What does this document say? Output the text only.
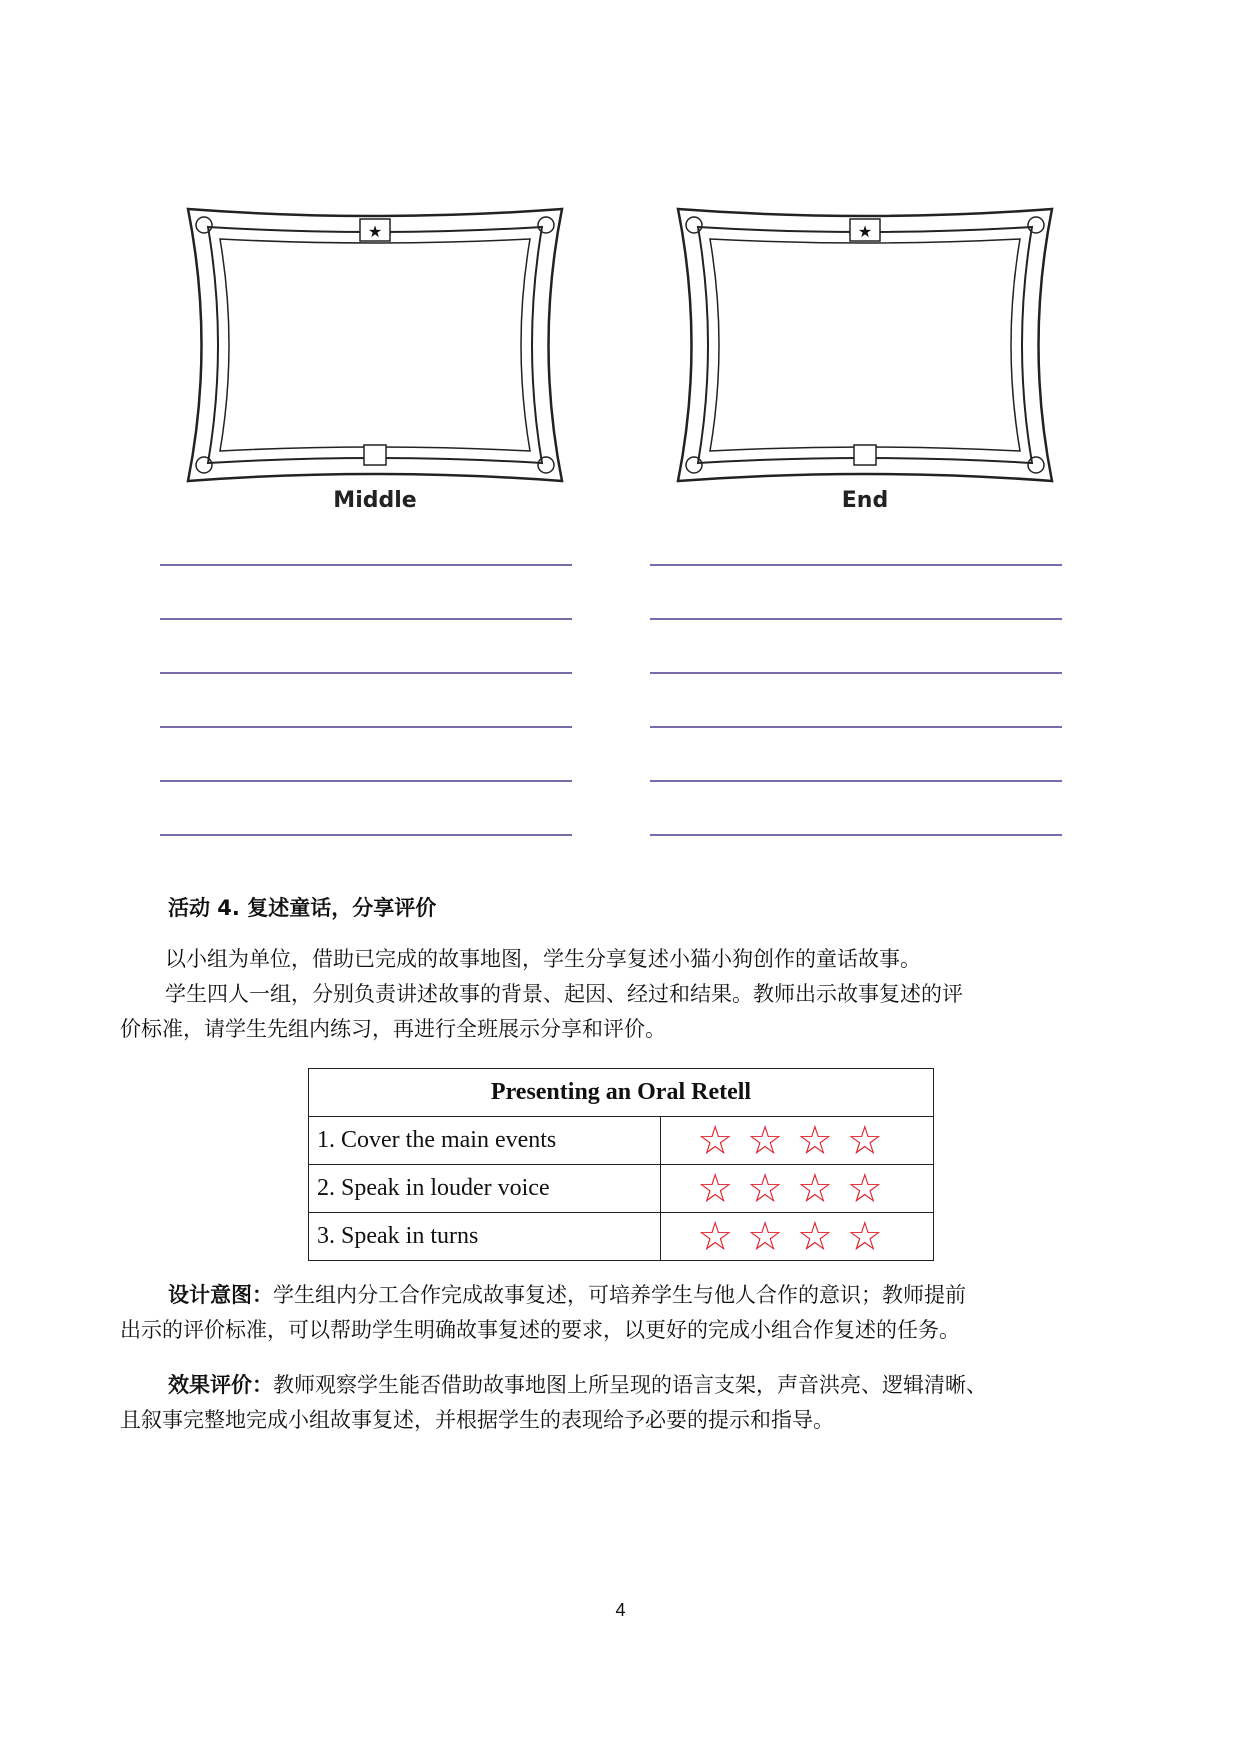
★
Middle
★
End
活动 4. 复述童话，分享评价
以小组为单位，借助已完成的故事地图，学生分享复述小猫小狗创作的童话故事。
学生四人一组，分别负责讲述故事的背景、起因、经过和结果。教师出示故事复述的评
价标准，请学生先组内练习，再进行全班展示分享和评价。
Presenting an Oral Retell	
1. Cover the main events	☆☆☆☆
2. Speak in louder voice	☆☆☆☆
3. Speak in turns	☆☆☆☆
设计意图：学生组内分工合作完成故事复述，可培养学生与他人合作的意识；教师提前
出示的评价标准，可以帮助学生明确故事复述的要求，以更好的完成小组合作复述的任务。
效果评价：教师观察学生能否借助故事地图上所呈现的语言支架，声音洪亮、逻辑清晰、
且叙事完整地完成小组故事复述，并根据学生的表现给予必要的提示和指导。
4
